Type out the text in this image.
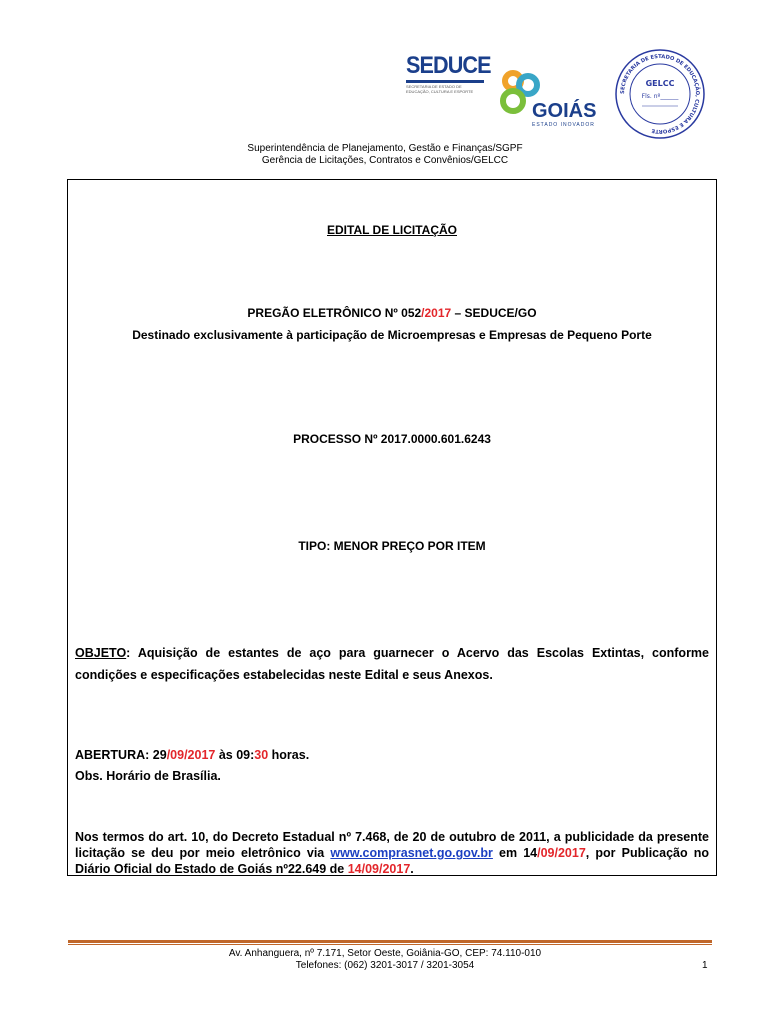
SEDUCE
SECRETARIA DE ESTADO DE EDUCAÇÃO, CULTURA E ESPORTE
GOIÁS
ESTADO INOVADOR
SECRETARIA DE ESTADO DE EDUCAÇÃO, CULTURA E ESPORTE
GELCC
Fls. nº______
Superintendência de Planejamento, Gestão e Finanças/SGPF
Gerência de Licitações, Contratos e Convênios/GELCC
EDITAL DE LICITAÇÃO
PREGÃO ELETRÔNICO Nº 052/2017 – SEDUCE/GO
Destinado exclusivamente à participação de Microempresas e Empresas de Pequeno Porte
PROCESSO Nº 2017.0000.601.6243
TIPO: MENOR PREÇO POR ITEM
OBJETO: Aquisição de estantes de aço para guarnecer o Acervo das Escolas Extintas, conforme condições e especificações estabelecidas neste Edital e seus Anexos.
ABERTURA: 29/09/2017 às 09:30 horas.
Obs. Horário de Brasília.
Nos termos do art. 10, do Decreto Estadual nº 7.468, de 20 de outubro de 2011, a publicidade da presente licitação se deu por meio eletrônico via www.comprasnet.go.gov.br em 14/09/2017, por Publicação no Diário Oficial do Estado de Goiás nº22.649 de 14/09/2017.
Av. Anhanguera, nº 7.171, Setor Oeste, Goiânia-GO, CEP: 74.110-010
Telefones: (062) 3201-3017 / 3201-3054	1
